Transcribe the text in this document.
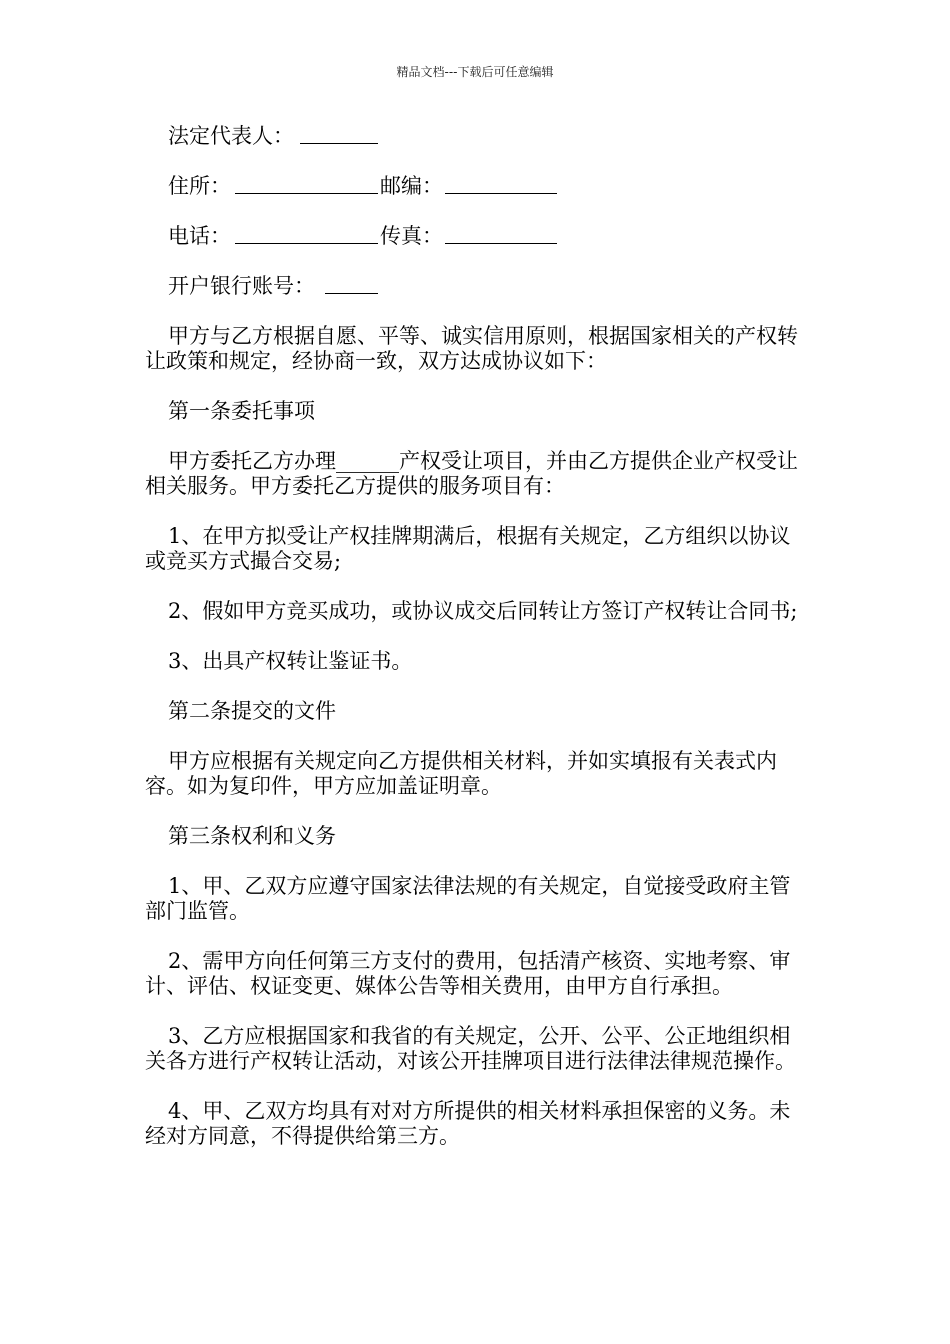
精品文档---下载后可任意编辑
法定代表人：
住所：	邮编：
电话：	传真：
开户银行账号：

甲方与乙方根据自愿、平等、诚实信用原则，根据国家相关的产权转让政策和规定，经协商一致，双方达成协议如下：

第一条委托事项

甲方委托乙方办理______产权受让项目，并由乙方提供企业产权受让相关服务。甲方委托乙方提供的服务项目有：

1、在甲方拟受让产权挂牌期满后，根据有关规定，乙方组织以协议或竞买方式撮合交易;

2、假如甲方竞买成功，或协议成交后同转让方签订产权转让合同书;

3、出具产权转让鉴证书。

第二条提交的文件

甲方应根据有关规定向乙方提供相关材料，并如实填报有关表式内容。如为复印件，甲方应加盖证明章。

第三条权利和义务

1、甲、乙双方应遵守国家法律法规的有关规定，自觉接受政府主管部门监管。

2、需甲方向任何第三方支付的费用，包括清产核资、实地考察、审计、评估、权证变更、媒体公告等相关费用，由甲方自行承担。

3、乙方应根据国家和我省的有关规定，公开、公平、公正地组织相关各方进行产权转让活动，对该公开挂牌项目进行法律法律规范操作。

4、甲、乙双方均具有对对方所提供的相关材料承担保密的义务。未经对方同意，不得提供给第三方。
